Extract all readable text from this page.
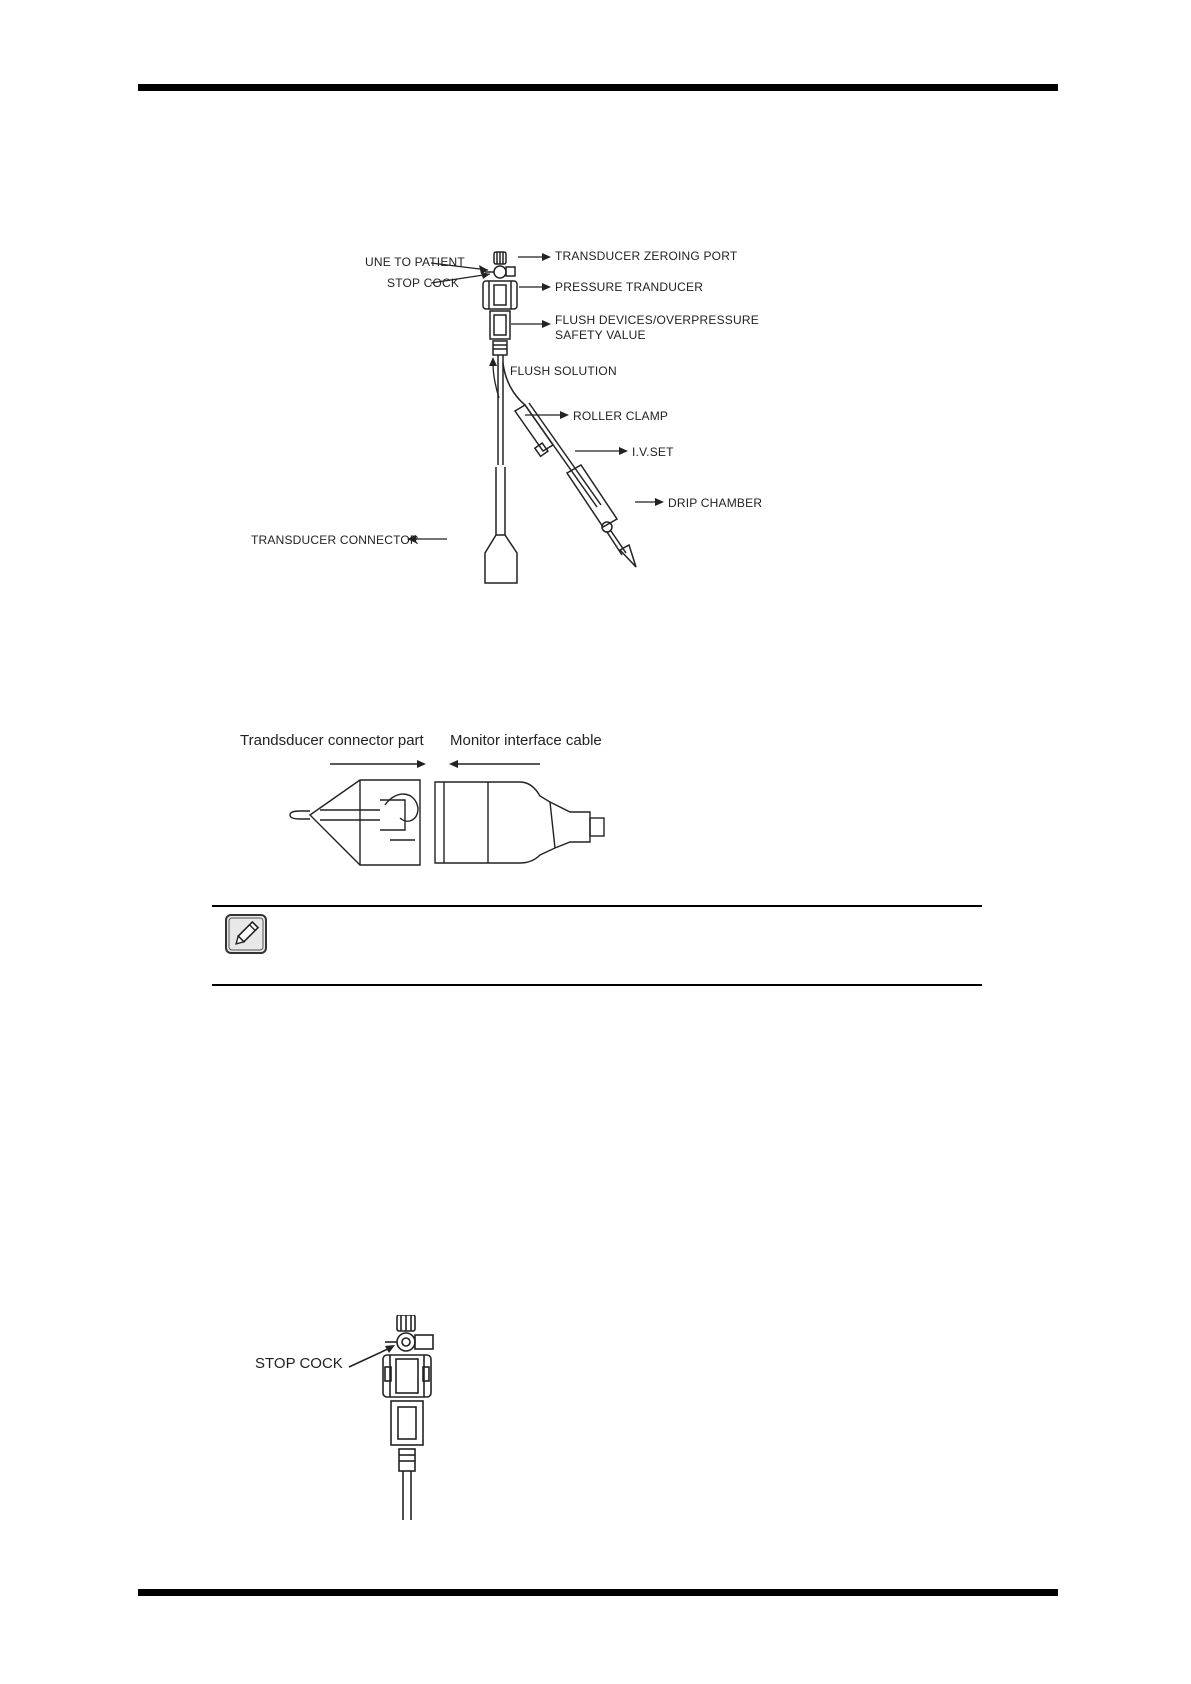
UNE TO PATIENT
STOP COCK
TRANSDUCER ZEROING PORT
PRESSURE TRANDUCER
FLUSH DEVICES/OVERPRESSURE
SAFETY VALUE
FLUSH SOLUTION
ROLLER CLAMP
I.V.SET
DRIP CHAMBER
TRANSDUCER CONNECTOR
Trandsducer connector part Monitor interface cable
STOP COCK
